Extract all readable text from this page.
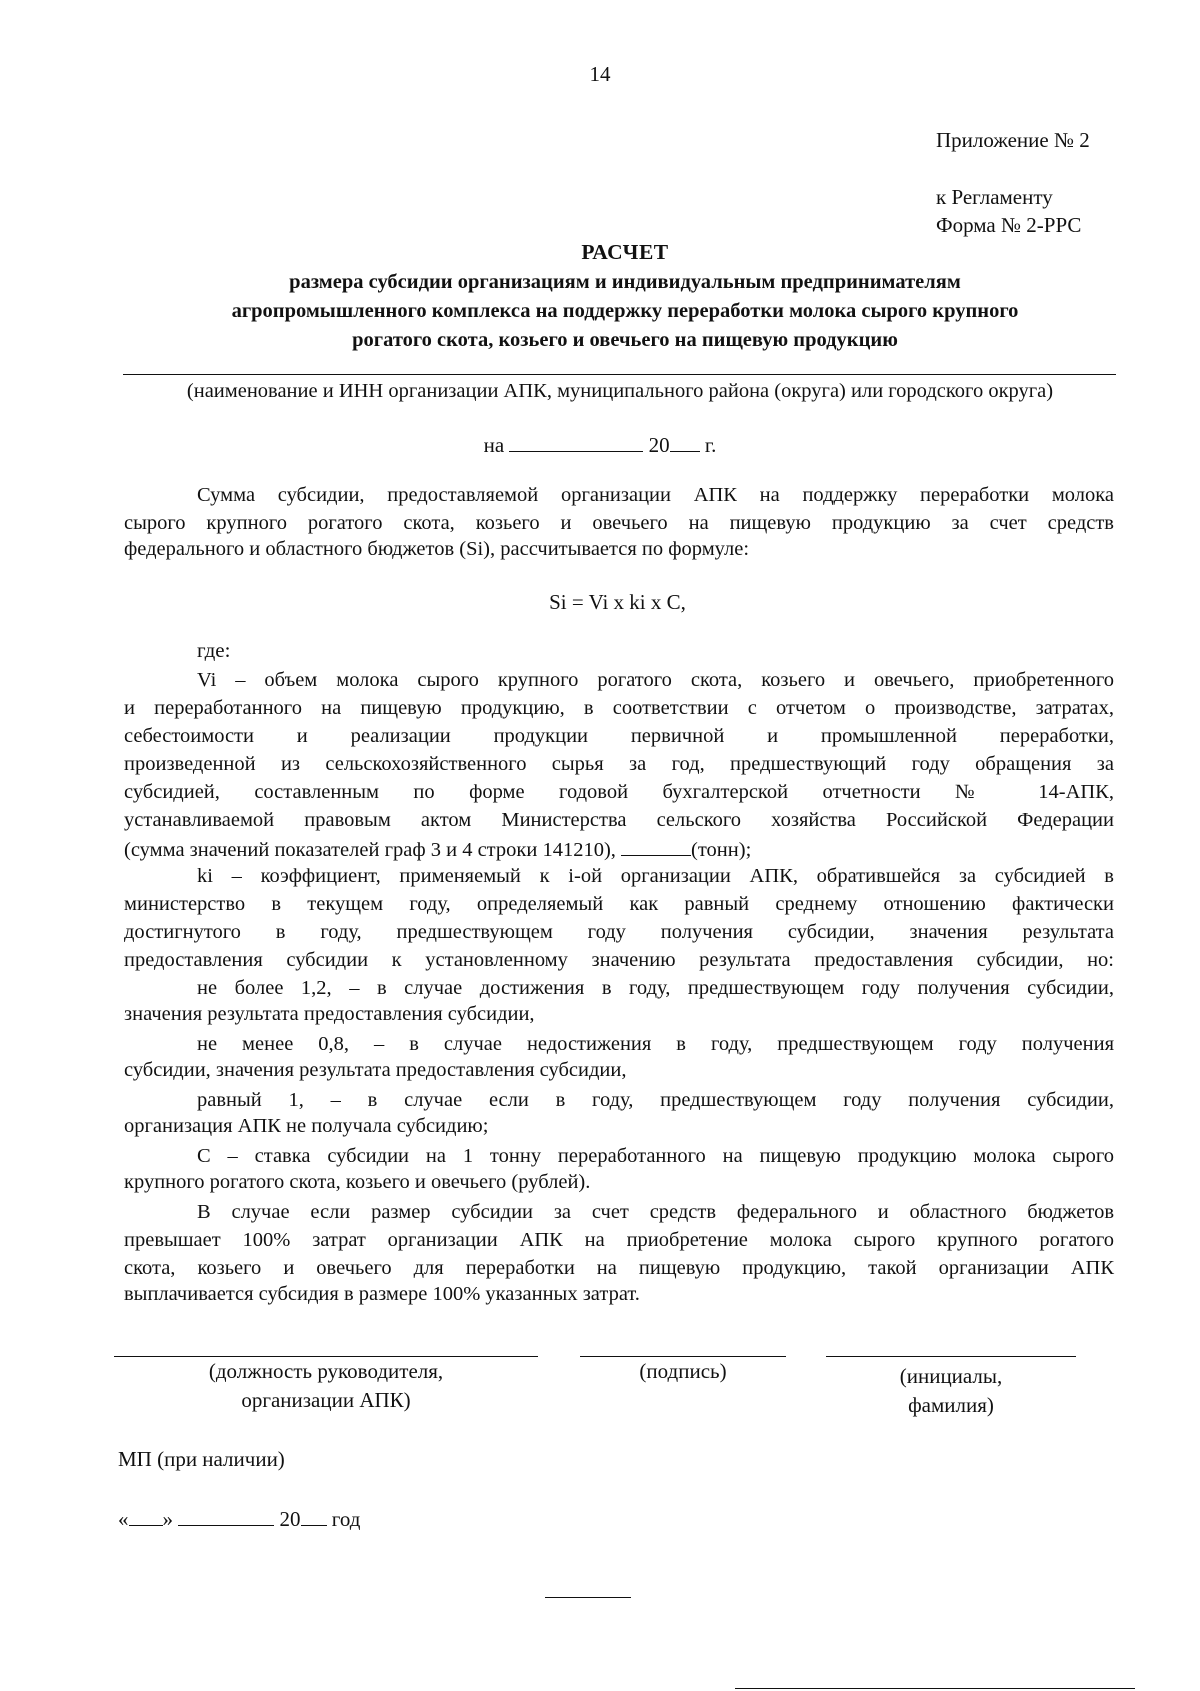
14
Приложение № 2
к Регламенту
Форма № 2-РРС
РАСЧЕТ
размера субсидии организациям и индивидуальным предпринимателям
агропромышленного комплекса на поддержку переработки молока сырого крупного
рогатого скота, козьего и овечьего на пищевую продукцию
(наименование и ИНН организации АПК, муниципального района (округа) или городского округа)
на	20 г.
Сумма субсидии, предоставляемой организации АПК на поддержку переработки молока
сырого крупного рогатого скота, козьего и овечьего на пищевую продукцию за счет средств
федерального и областного бюджетов (Si), рассчитывается по формуле:
Si = Vi x ki x C,
где:
Vi – объем молока сырого крупного рогатого скота, козьего и овечьего, приобретенного
и переработанного на пищевую продукцию, в соответствии с отчетом о производстве, затратах,
себестоимости и реализации продукции первичной и промышленной переработки,
произведенной из сельскохозяйственного сырья за год, предшествующий году обращения за
субсидией, составленным по форме годовой бухгалтерской отчетности № 14-АПК,
устанавливаемой правовым актом Министерства сельского хозяйства Российской Федерации
(сумма значений показателей граф 3 и 4 строки 141210),	(тонн);
ki – коэффициент, применяемый к i-ой организации АПК, обратившейся за субсидией в
министерство в текущем году, определяемый как равный среднему отношению фактически
достигнутого в году, предшествующем году получения субсидии, значения результата
предоставления субсидии к установленному значению результата предоставления субсидии, но:
не более 1,2, – в случае достижения в году, предшествующем году получения субсидии,
значения результата предоставления субсидии,
не менее 0,8, – в случае недостижения в году, предшествующем году получения
субсидии, значения результата предоставления субсидии,
равный 1, – в случае если в году, предшествующем году получения субсидии,
организация АПК не получала субсидию;
С – ставка субсидии на 1 тонну переработанного на пищевую продукцию молока сырого
крупного рогатого скота, козьего и овечьего (рублей).
В случае если размер субсидии за счет средств федерального и областного бюджетов
превышает 100% затрат организации АПК на приобретение молока сырого крупного рогатого
скота, козьего и овечьего для переработки на пищевую продукцию, такой организации АПК
выплачивается субсидия в размере 100% указанных затрат.
(должность руководителя,
организации АПК)
(подпись)	(инициалы,
фамилия)
МП (при наличии)
« »	20 год
